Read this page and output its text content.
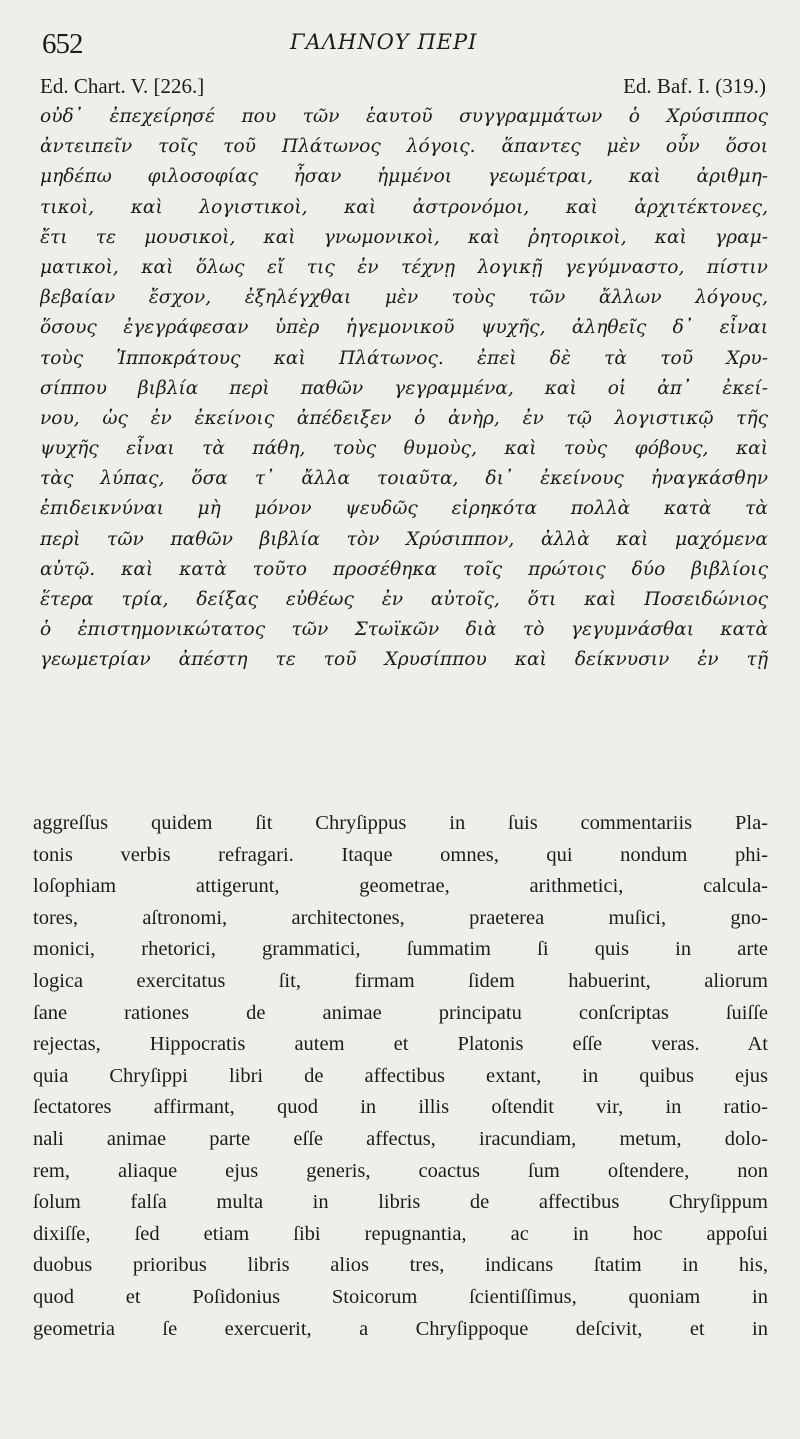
652	ΓΑΛΗΝΟΥ ΠΕΡΙ
Ed. Chart. V. [226.]	Ed. Baf. I. (319.)
οὐδ᾽ ἐπεχείρησέ που τῶν ἑαυτοῦ συγγραμμάτων ὁ Χρύσιππος
ἀντειπεῖν τοῖς τοῦ Πλάτωνος λόγοις. ἅπαντες μὲν οὖν ὅσοι
μηδέπω φιλοσοφίας ἦσαν ἡμμένοι γεωμέτραι, καὶ ἀριθμη-
τικοὶ, καὶ λογιστικοὶ, καὶ ἀστρονόμοι, καὶ ἀρχιτέκτονες,
ἔτι τε μουσικοὶ, καὶ γνωμονικοὶ, καὶ ῥητορικοὶ, καὶ γραμ-
ματικοὶ, καὶ ὅλως εἴ τις ἐν τέχνῃ λογικῇ γεγύμναστο, πίστιν
βεβαίαν ἔσχον, ἐξηλέγχθαι μὲν τοὺς τῶν ἄλλων λόγους,
ὅσους ἐγεγράφεσαν ὑπὲρ ἡγεμονικοῦ ψυχῆς, ἀληθεῖς δ᾽ εἶναι
τοὺς Ἱπποκράτους καὶ Πλάτωνος. ἐπεὶ δὲ τὰ τοῦ Χρυ-
σίππου βιβλία περὶ παθῶν γεγραμμένα, καὶ οἱ ἀπ᾽ ἐκεί-
νου, ὡς ἐν ἐκείνοις ἀπέδειξεν ὁ ἀνὴρ, ἐν τῷ λογιστικῷ τῆς
ψυχῆς εἶναι τὰ πάθη, τοὺς θυμοὺς, καὶ τοὺς φόβους, καὶ
τὰς λύπας, ὅσα τ᾽ ἄλλα τοιαῦτα, δι᾽ ἐκείνους ἠναγκάσθην
ἐπιδεικνύναι μὴ μόνον ψευδῶς εἰρηκότα πολλὰ κατὰ τὰ
περὶ τῶν παθῶν βιβλία τὸν Χρύσιππον, ἀλλὰ καὶ μαχόμενα
αὐτῷ. καὶ κατὰ τοῦτο προσέθηκα τοῖς πρώτοις δύο βιβλίοις
ἕτερα τρία, δείξας εὐθέως ἐν αὐτοῖς, ὅτι καὶ Ποσειδώνιος
ὁ ἐπιστημονικώτατος τῶν Στωϊκῶν διὰ τὸ γεγυμνάσθαι κατὰ
γεωμετρίαν ἀπέστη τε τοῦ Χρυσίππου καὶ δείκνυσιν ἐν τῇ
aggreſſus quidem ſit Chryſippus in ſuis commentariis Pla-
tonis verbis refragari. Itaque omnes, qui nondum phi-
loſophiam attigerunt, geometrae, arithmetici, calcula-
tores, aſtronomi, architectones, praeterea muſici, gno-
monici, rhetorici, grammatici, ſummatim ſi quis in arte
logica exercitatus ſit, firmam ſidem habuerint, aliorum
ſane rationes de animae principatu conſcriptas ſuiſſe
rejectas, Hippocratis autem et Platonis eſſe veras. At
quia Chryſippi libri de affectibus extant, in quibus ejus
ſectatores affirmant, quod in illis oſtendit vir, in ratio-
nali animae parte eſſe affectus, iracundiam, metum, dolo-
rem, aliaque ejus generis, coactus ſum oſtendere, non
ſolum falſa multa in libris de affectibus Chryſippum
dixiſſe, ſed etiam ſibi repugnantia, ac in hoc appoſui
duobus prioribus libris alios tres, indicans ſtatim in his,
quod et Poſidonius Stoicorum ſcientiſſimus, quoniam in
geometria ſe exercuerit, a Chryſippoque deſcivit, et in
